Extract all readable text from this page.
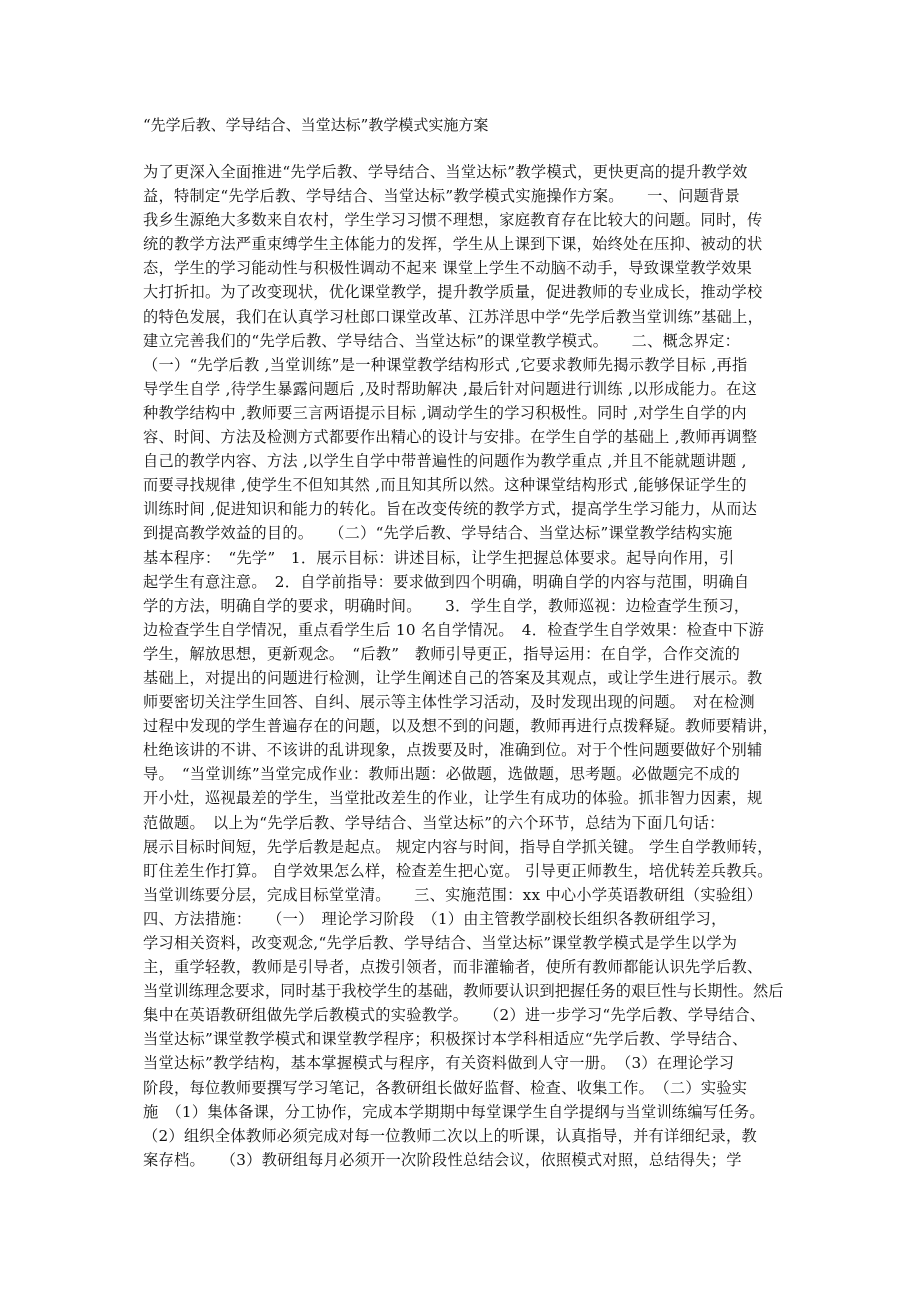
“先学后教、学导结合、当堂达标”教学模式实施方案
为了更深入全面推进“先学后教、学导结合、当堂达标”教学模式，更快更高的提升教学效
益，特制定“先学后教、学导结合、当堂达标”教学模式实施操作方案。　　一、问题背景
我乡生源绝大多数来自农村，学生学习习惯不理想，家庭教育存在比较大的问题。同时，传
统的教学方法严重束缚学生主体能力的发挥，学生从上课到下课，始终处在压抑、被动的状
态，学生的学习能动性与积极性调动不起来 课堂上学生不动脑不动手，导致课堂教学效果
大打折扣。为了改变现状，优化课堂教学，提升教学质量，促进教师的专业成长，推动学校
的特色发展，我们在认真学习杜郎口课堂改革、江苏洋思中学“先学后教当堂训练”基础上，
建立完善我们的“先学后教、学导结合、当堂达标”的课堂教学模式。　　二、概念界定：
（一）“先学后教 ,当堂训练”是一种课堂教学结构形式 ,它要求教师先揭示教学目标 ,再指
导学生自学 ,待学生暴露问题后 ,及时帮助解决 ,最后针对问题进行训练 ,以形成能力。在这
种教学结构中 ,教师要三言两语提示目标 ,调动学生的学习积极性。同时 ,对学生自学的内
容、时间、方法及检测方式都要作出精心的设计与安排。在学生自学的基础上 ,教师再调整
自己的教学内容、方法 ,以学生自学中带普遍性的问题作为教学重点 ,并且不能就题讲题 ,
而要寻找规律 ,使学生不但知其然 ,而且知其所以然。这种课堂结构形式 ,能够保证学生的
训练时间 ,促进知识和能力的转化。旨在改变传统的教学方式，提高学生学习能力，从而达
到提高教学效益的目的。　　（二）“先学后教、学导结合、当堂达标”课堂教学结构实施
基本程序：　“先学”　1．展示目标：讲述目标，让学生把握总体要求。起导向作用，引
起学生有意注意。　2．自学前指导：要求做到四个明确，明确自学的内容与范围，明确自
学的方法，明确自学的要求，明确时间。　　3．学生自学，教师巡视：边检查学生预习，
边检查学生自学情况，重点看学生后 10 名自学情况。　4．检查学生自学效果：检查中下游
学生，解放思想，更新观念。　“后教”　教师引导更正，指导运用：在自学，合作交流的
基础上，对提出的问题进行检测，让学生阐述自己的答案及其观点，或让学生进行展示。教
师要密切关注学生回答、自纠、展示等主体性学习活动，及时发现出现的问题。　对在检测
过程中发现的学生普遍存在的问题，以及想不到的问题，教师再进行点拨释疑。教师要精讲，
杜绝该讲的不讲、不该讲的乱讲现象，点拨要及时，准确到位。对于个性问题要做好个别辅
导。　“当堂训练”当堂完成作业：教师出题：必做题，选做题，思考题。必做题完不成的
开小灶，巡视最差的学生，当堂批改差生的作业，让学生有成功的体验。抓非智力因素，规
范做题。　以上为“先学后教、学导结合、当堂达标”的六个环节，总结为下面几句话：
展示目标时间短，先学后教是起点。 规定内容与时间，指导自学抓关键。 学生自学教师转，
盯住差生作打算。 自学效果怎么样，检查差生把心宽。 引导更正师教生，培优转差兵教兵。
当堂训练要分层，完成目标堂堂清。　　三、实施范围：xx 中心小学英语教研组（实验组）
四、方法措施：　　（一）　理论学习阶段　（1）由主管教学副校长组织各教研组学习，
学习相关资料，改变观念,“先学后教、学导结合、当堂达标”课堂教学模式是学生以学为
主，重学轻教，教师是引导者，点拨引领者，而非灌输者，使所有教师都能认识先学后教、
当堂训练理念要求，同时基于我校学生的基础，教师要认识到把握任务的艰巨性与长期性。然后
集中在英语教研组做先学后教模式的实验教学。　　（2）进一步学习“先学后教、学导结合、
当堂达标”课堂教学模式和课堂教学程序；积极探讨本学科相适应“先学后教、学导结合、
当堂达标”教学结构，基本掌握模式与程序，有关资料做到人守一册。　（3）在理论学习
阶段，每位教师要撰写学习笔记，各教研组长做好监督、检查、收集工作。　（二）实验实
施　（1）集体备课，分工协作，完成本学期期中每堂课学生自学提纲与当堂训练编写任务。
（2）组织全体教师必须完成对每一位教师二次以上的听课，认真指导，并有详细纪录，教
案存档。　　（3）教研组每月必须开一次阶段性总结会议，依照模式对照，总结得失；学
